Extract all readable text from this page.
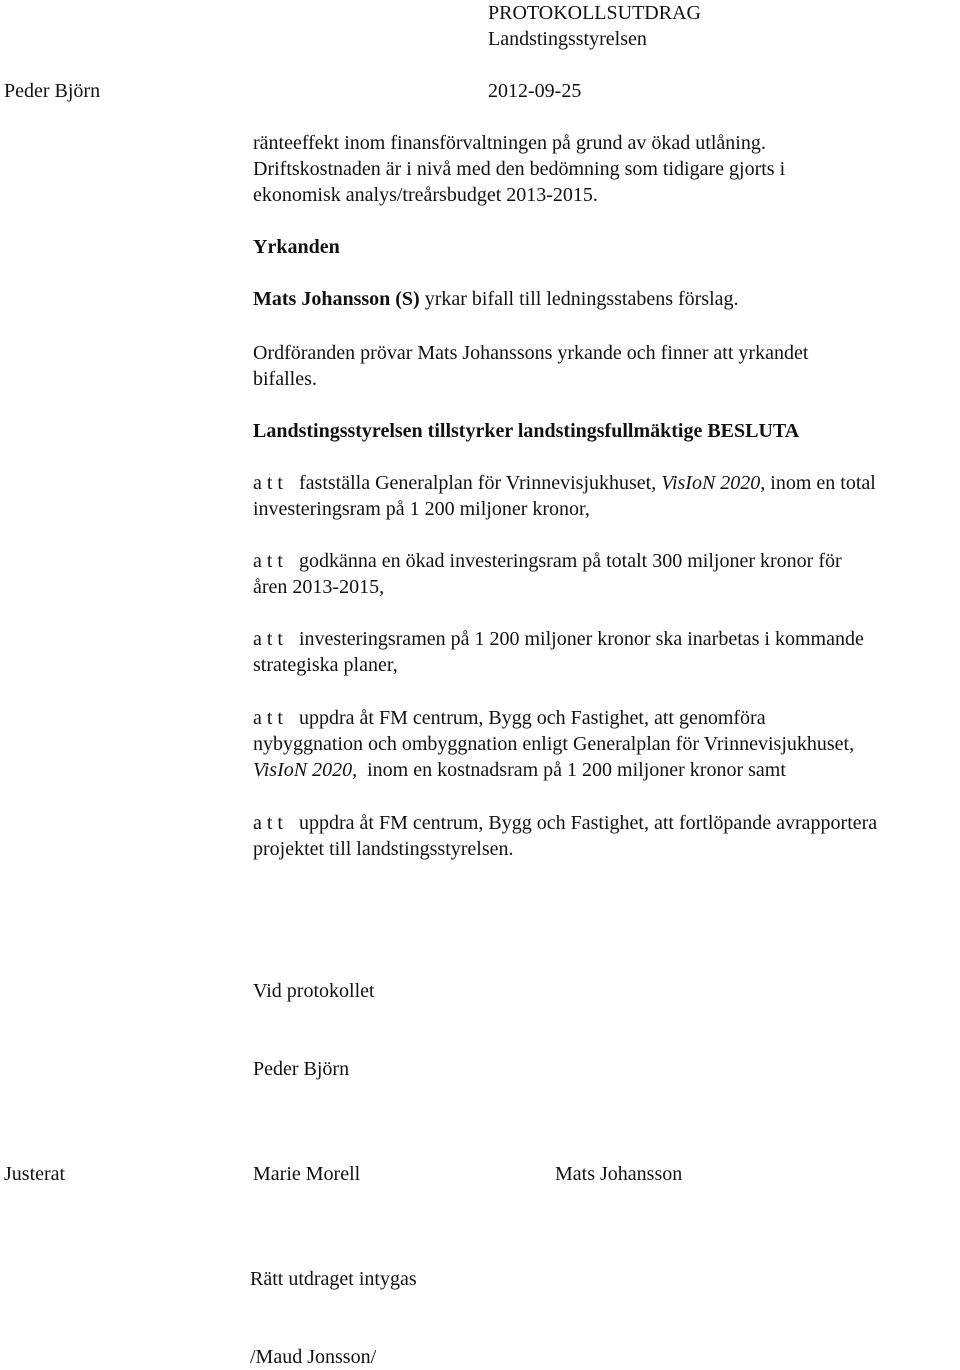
PROTOKOLLSUTDRAG
Landstingsstyrelsen
Peder Björn	2012-09-25
ränteeffekt inom finansförvaltningen på grund av ökad utlåning.
Driftskostnaden är i nivå med den bedömning som tidigare gjorts i
ekonomisk analys/treårsbudget 2013-2015.
Yrkanden
Mats Johansson (S) yrkar bifall till ledningsstabens förslag.
Ordföranden prövar Mats Johanssons yrkande och finner att yrkandet
bifalles.
Landstingsstyrelsen tillstyrker landstingsfullmäktige BESLUTA
a t t fastställa Generalplan för Vrinnevisjukhuset, VisIoN 2020, inom en total
investeringsram på 1 200 miljoner kronor,
a t t godkänna en ökad investeringsram på totalt 300 miljoner kronor för
åren 2013-2015,
a t t investeringsramen på 1 200 miljoner kronor ska inarbetas i kommande
strategiska planer,
a t t uppdra åt FM centrum, Bygg och Fastighet, att genomföra
nybyggnation och ombyggnation enligt Generalplan för Vrinnevisjukhuset,
VisIoN 2020,  inom en kostnadsram på 1 200 miljoner kronor samt
a t t uppdra åt FM centrum, Bygg och Fastighet, att fortlöpande avrapportera
projektet till landstingsstyrelsen.
Vid protokollet
Peder Björn
Justerat	Marie Morell	Mats Johansson
Rätt utdraget intygas
/Maud Jonsson/
